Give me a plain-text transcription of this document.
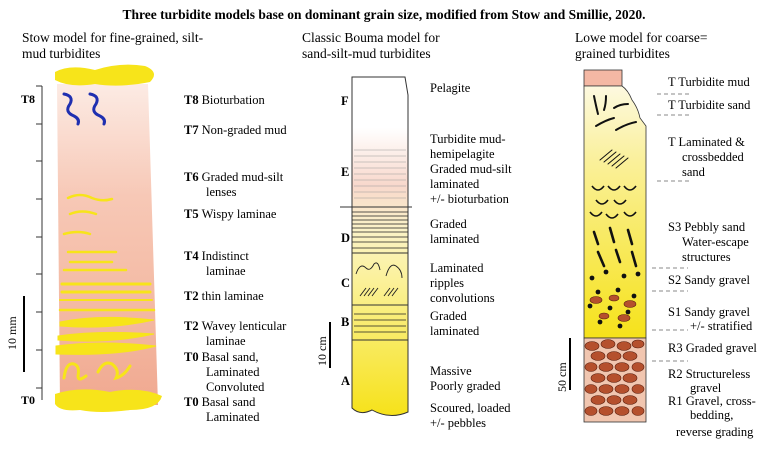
Three turbidite models base on dominant grain size, modified from Stow and Smillie, 2020.
Stow model for fine-grained, silt-
mud turbidites
T8
T0
10 mm
T8 Bioturbation
T7 Non-graded mud
T6 Graded mud-silt
lenses
T5 Wispy laminae
T4 Indistinct
laminae
T2 thin laminae
T2 Wavey lenticular
laminae
T0 Basal sand,
Laminated
Convoluted
T0 Basal sand
Laminated
Classic Bouma model for
sand-silt-mud turbidites
10 cm
F
E
D
C
B
A
Pelagite
Turbidite mud-
hemipelagite
Graded mud-silt
laminated
+/- bioturbation
Graded
laminated
Laminated
ripples
convolutions
Graded
laminated
Massive
Poorly graded
Scoured, loaded
+/- pebbles
Lowe model for coarse=
grained turbidites
50 cm
T Turbidite mud
T Turbidite sand
T Laminated &
crossbedded
sand
S3 Pebbly sand
Water-escape
structures
S2 Sandy gravel
S1 Sandy gravel
+/- stratified
R3 Graded gravel
R2 Structureless
gravel
R1 Gravel, cross-
bedding,
reverse grading
